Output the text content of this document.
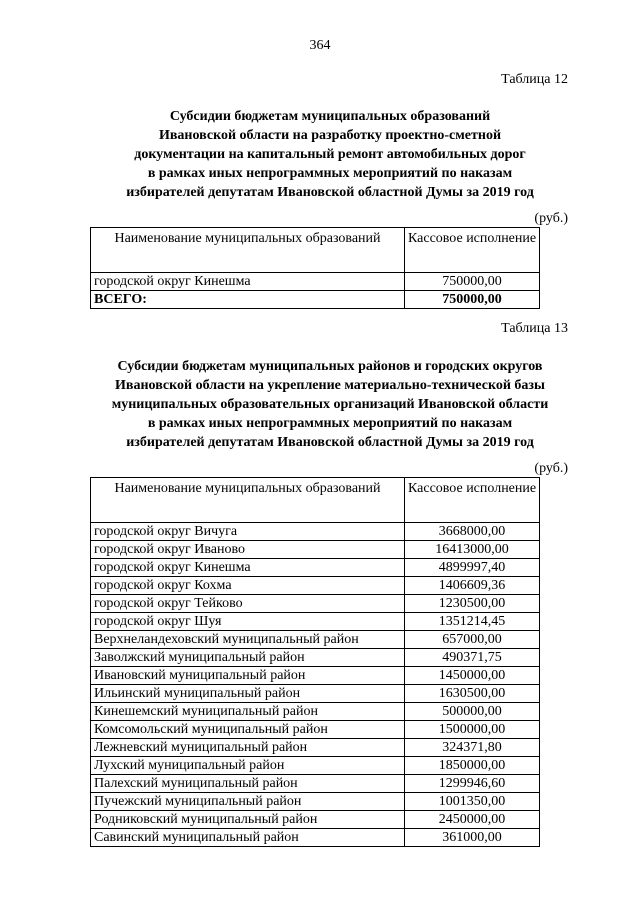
364
Таблица 12
Субсидии бюджетам муниципальных образований
Ивановской области на разработку проектно-сметной
документации на капитальный ремонт автомобильных дорог
в рамках иных непрограммных мероприятий по наказам
избирателей депутатам Ивановской областной Думы за 2019 год
(руб.)
Наименование муниципальных образований	Кассовое исполнение
городской округ Кинешма	750000,00
ВСЕГО:	750000,00
Таблица 13
Субсидии бюджетам муниципальных районов и городских округов
Ивановской области на укрепление материально-технической базы
муниципальных образовательных организаций Ивановской области
в рамках иных непрограммных мероприятий по наказам
избирателей депутатам Ивановской областной Думы за 2019 год
(руб.)
Наименование муниципальных образований	Кассовое исполнение
городской округ Вичуга	3668000,00
городской округ Иваново	16413000,00
городской округ Кинешма	4899997,40
городской округ Кохма	1406609,36
городской округ Тейково	1230500,00
городской округ Шуя	1351214,45
Верхнеландеховский муниципальный район	657000,00
Заволжский муниципальный район	490371,75
Ивановский муниципальный район	1450000,00
Ильинский муниципальный район	1630500,00
Кинешемский муниципальный район	500000,00
Комсомольский муниципальный район	1500000,00
Лежневский муниципальный район	324371,80
Лухский муниципальный район	1850000,00
Палехский муниципальный район	1299946,60
Пучежский муниципальный район	1001350,00
Родниковский муниципальный район	2450000,00
Савинский муниципальный район	361000,00
